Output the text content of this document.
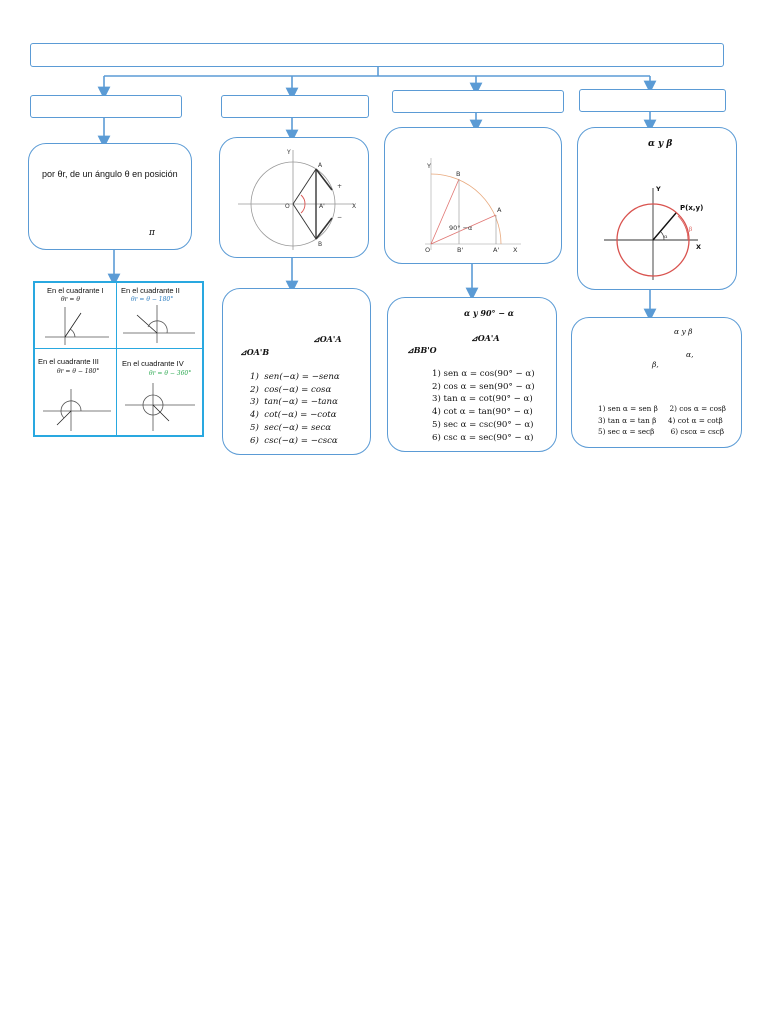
por θr, de un ángulo θ en posición
π
En el cuadrante I
θr = θ
En el cuadrante II
θr = θ − 180°
En el cuadrante III
θr = θ − 180°
En el cuadrante IV
θr = θ − 360°
A
B
A'
O	X
Y
+
−
⊿OA'A
⊿OA'B
1)  sen(−α) = −senα
2)  cos(−α) = cosα
3)  tan(−α) = −tanα
4)  cot(−α) = −cotα
5)  sec(−α) = secα
6)  csc(−α) = −cscα
B
A
O	B'	A' X
Y
90° −α
α y 90° − α
⊿OA'A
⊿BB'O
1) sen α = cos(90° − α)
2) cos α = sen(90° − α)
3) tan α = cot(90° − α)
4) cot α = tan(90° − α)
5) sec α = csc(90° − α)
6) csc α = sec(90° − α)
α y β
Y
X
α
β
P(x,y)
α y β
α,
β,
1) sen α = sen β     2) cos α = cosβ
3) tan α = tan β     4) cot α = cotβ
5) sec α = secβ       6) cscα = cscβ
